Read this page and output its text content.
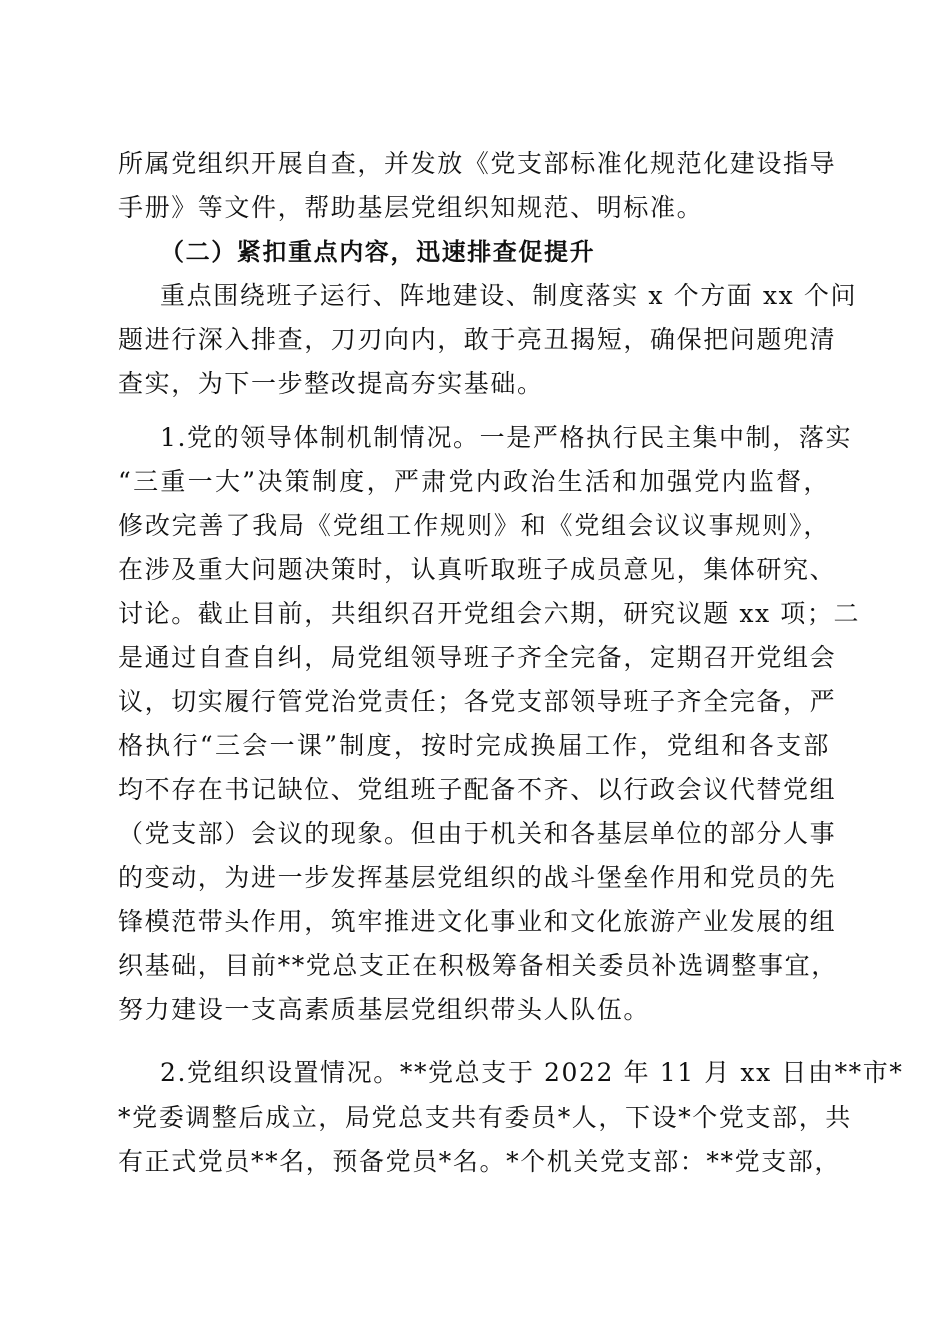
所属党组织开展自查，并发放《党支部标准化规范化建设指导
手册》等文件，帮助基层党组织知规范、明标准。
（二）紧扣重点内容，迅速排查促提升
重点围绕班子运行、阵地建设、制度落实 x 个方面 xx 个问
题进行深入排查，刀刃向内，敢于亮丑揭短，确保把问题兜清
查实，为下一步整改提高夯实基础。
1.党的领导体制机制情况。一是严格执行民主集中制，落实
“三重一大”决策制度，严肃党内政治生活和加强党内监督，
修改完善了我局《党组工作规则》和《党组会议议事规则》，
在涉及重大问题决策时，认真听取班子成员意见，集体研究、
讨论。截止目前，共组织召开党组会六期，研究议题 xx 项；二
是通过自查自纠，局党组领导班子齐全完备，定期召开党组会
议，切实履行管党治党责任；各党支部领导班子齐全完备，严
格执行“三会一课”制度，按时完成换届工作，党组和各支部
均不存在书记缺位、党组班子配备不齐、以行政会议代替党组
（党支部）会议的现象。但由于机关和各基层单位的部分人事
的变动，为进一步发挥基层党组织的战斗堡垒作用和党员的先
锋模范带头作用，筑牢推进文化事业和文化旅游产业发展的组
织基础，目前**党总支正在积极筹备相关委员补选调整事宜，
努力建设一支高素质基层党组织带头人队伍。
2.党组织设置情况。**党总支于 2022 年 11 月 xx 日由**市*
*党委调整后成立，局党总支共有委员*人，下设*个党支部，共
有正式党员**名，预备党员*名。*个机关党支部：**党支部，
